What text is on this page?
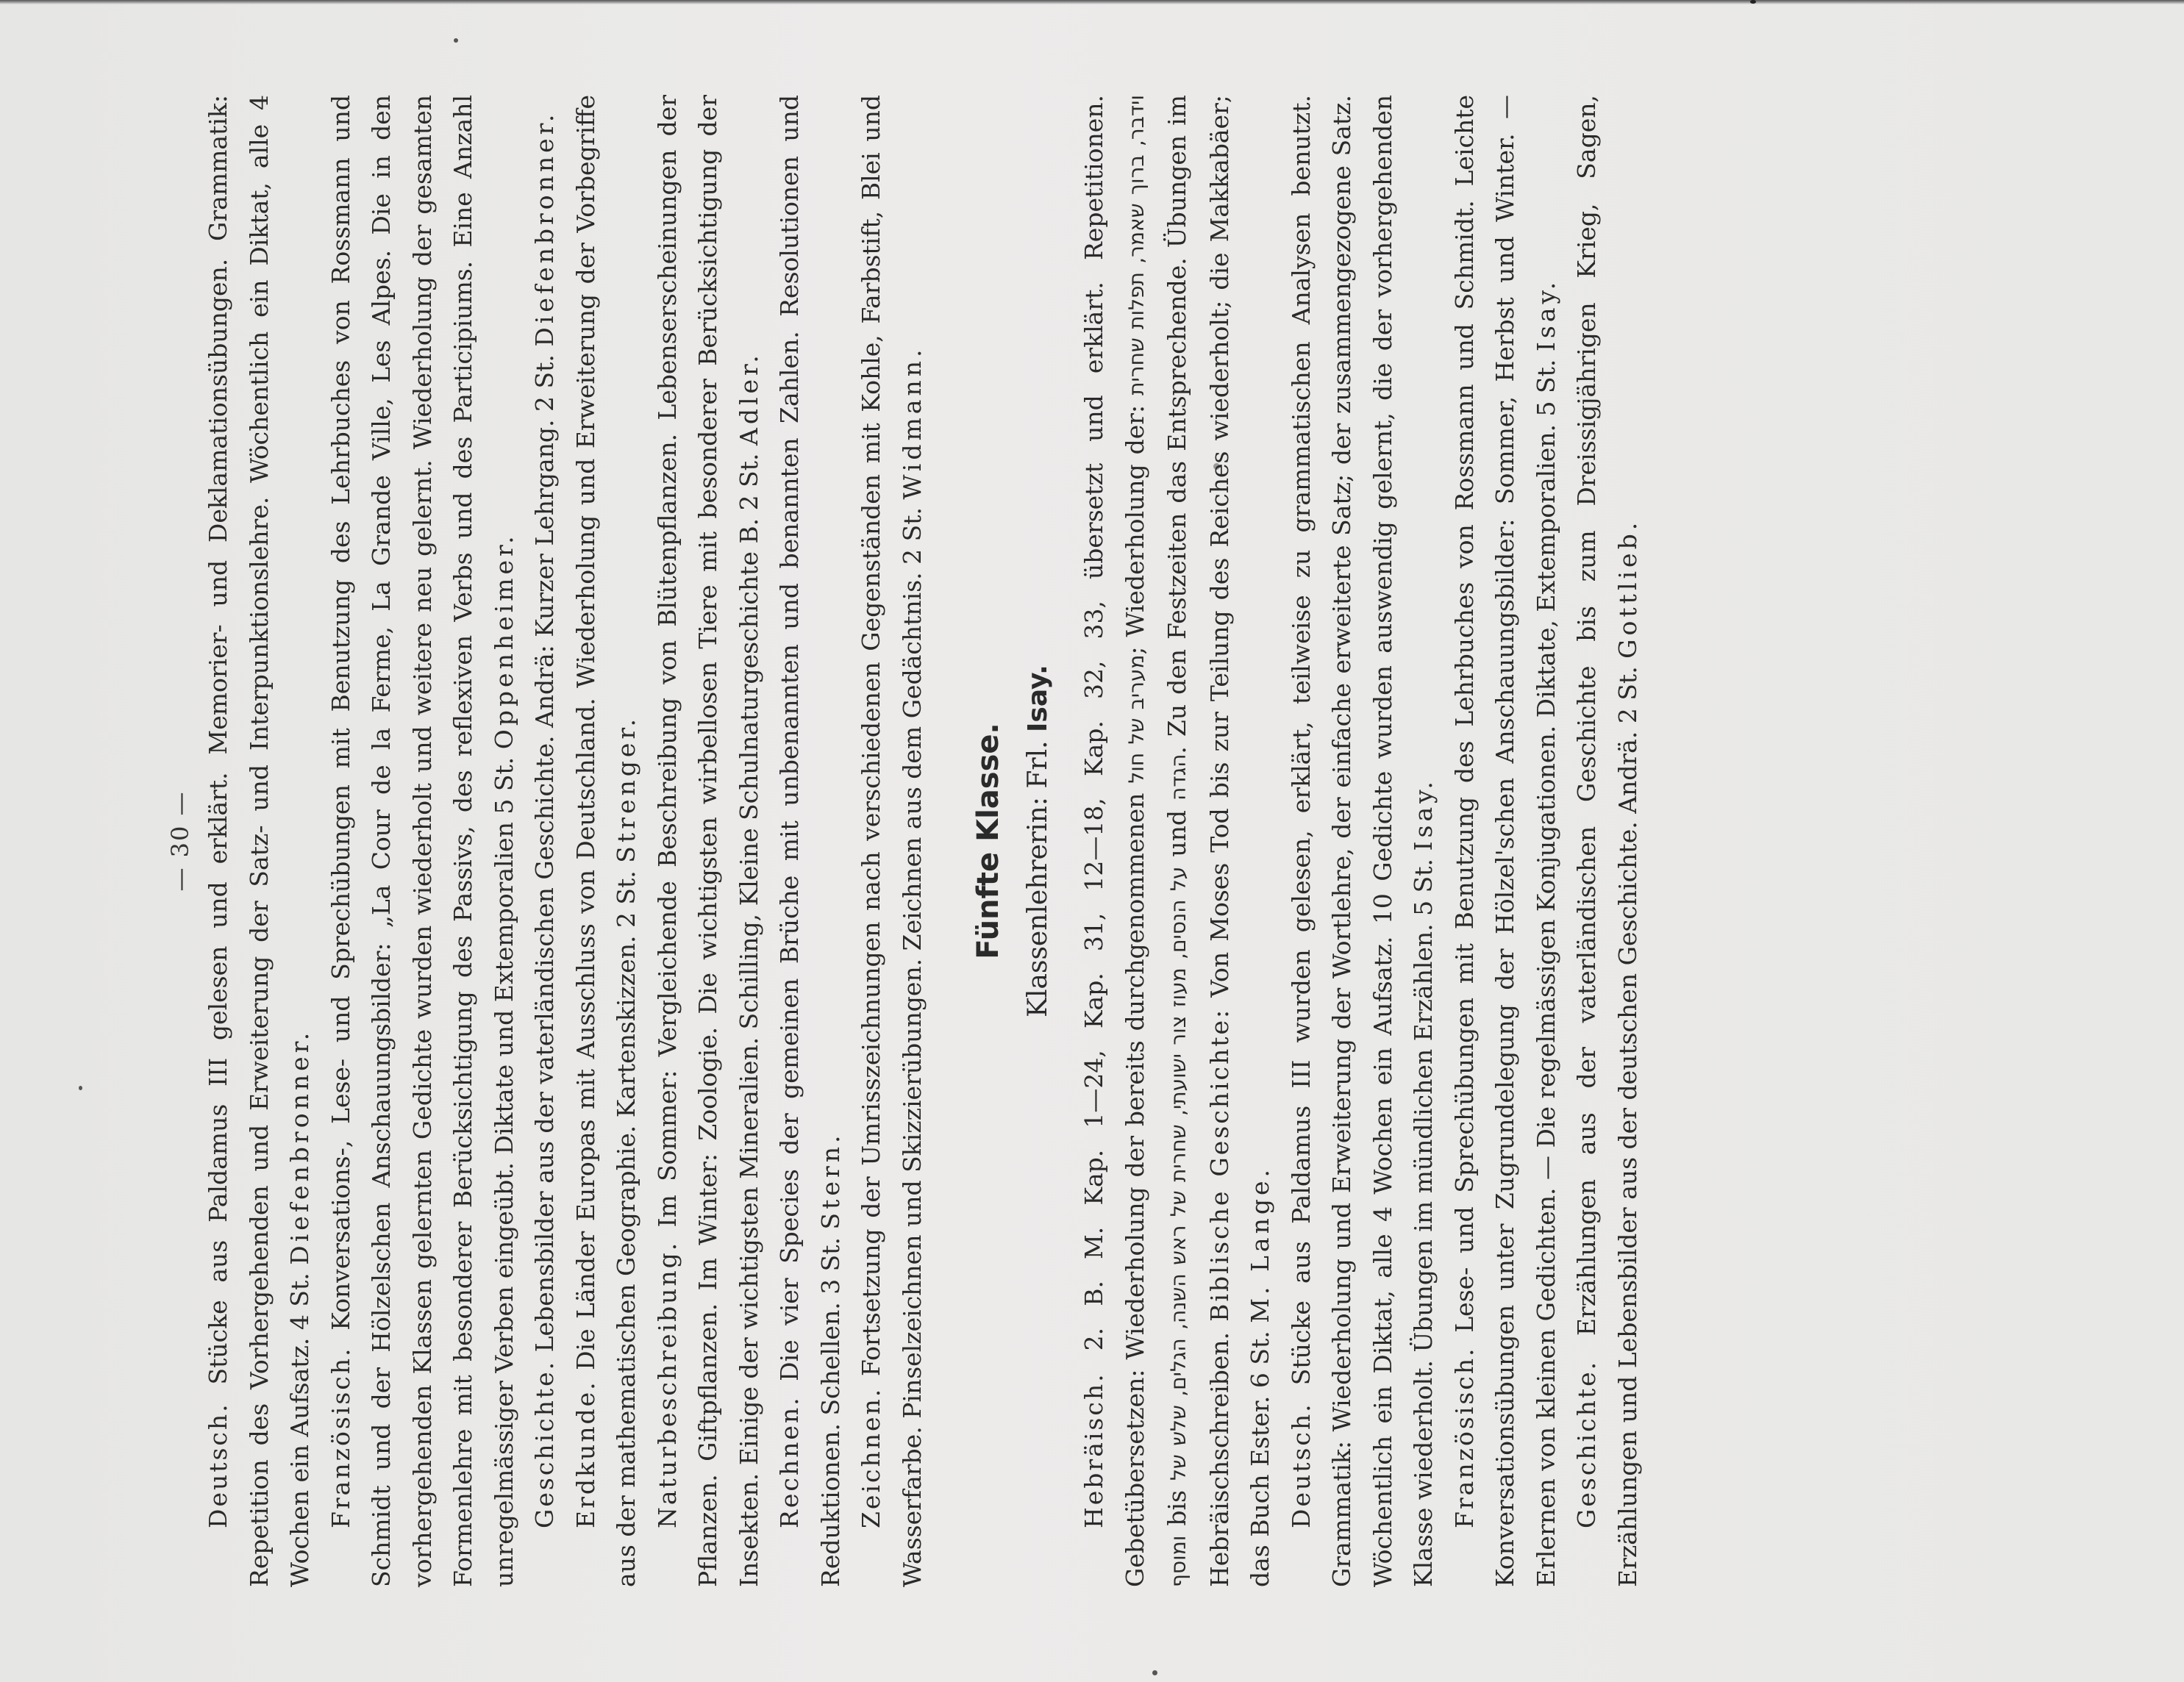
— 30 —

Deutsch. Stücke aus Paldamus III gelesen und erklärt. Memorier- und Deklamationsübungen. Grammatik: Repetition des Vorhergehenden und Erweiterung der Satz- und Interpunktionslehre. Wöchentlich ein Diktat, alle 4 Wochen ein Aufsatz. 4 St. Diefenbronner.

Französisch. Konversations-, Lese- und Sprechübungen mit Benutzung des Lehrbuches von Rossmann und Schmidt und der Hölzelschen Anschauungsbilder: „La Cour de la Ferme, La Grande Ville, Les Alpes. Die in den vorhergehenden Klassen gelernten Gedichte wurden wiederholt und weitere neu gelernt. Wiederholung der gesamten Formenlehre mit besonderer Berücksichtigung des Passivs, des reflexiven Verbs und des Participiums. Eine Anzahl unregelmässiger Verben eingeübt. Diktate und Extemporalien 5 St. Oppenheimer.

Geschichte. Lebensbilder aus der vaterländischen Geschichte. Andrä: Kurzer Lehrgang. 2 St. Diefenbronner.

Erdkunde. Die Länder Europas mit Ausschluss von Deutschland. Wiederholung und Erweiterung der Vorbegriffe aus der mathematischen Geographie. Kartenskizzen. 2 St. Strenger.

Naturbeschreibung. Im Sommer: Vergleichende Beschreibung von Blütenpflanzen. Lebenserscheinungen der Pflanzen. Giftpflanzen. Im Winter: Zoologie. Die wichtigsten wirbellosen Tiere mit besonderer Berücksichtigung der Insekten. Einige der wichtigsten Mineralien. Schilling, Kleine Schulnaturgeschichte B. 2 St. Adler.

Rechnen. Die vier Species der gemeinen Brüche mit unbenannten und benannten Zahlen. Resolutionen und Reduktionen. Schellen. 3 St. Stern.

Zeichnen. Fortsetzung der Umrisszeichnungen nach verschiedenen Gegenständen mit Kohle, Farbstift, Blei und Wasserfarbe. Pinselzeichnen und Skizzierübungen. Zeichnen aus dem Gedächtnis. 2 St. Widmann.

Fünfte Klasse. Klassenlehrerin: Frl. Isay.

Hebräisch. 2. B. M. Kap. 1—24, Kap. 31, 12—18, Kap. 32, 33, übersetzt und erklärt. Repetitionen. Gebetübersetzen: Wiederholung der bereits durchgenommenen מעריב של חול; Wiederholung der: וידבר, ברוך שאמר, תפלות שחרית ומוסף bis על הנסים, מעוז צור ישועתי, שחרית של ראש השנה, הגלים, שלש של und הגדה. Zu den Festzeiten das Entsprechende. Übungen im Hebräischschreiben. Biblische Geschichte: Von Moses Tod bis zur Teilung des Reiches wiederholt; die Makkabäer; das Buch Ester. 6 St. M. Lange.

Deutsch. Stücke aus Paldamus III wurden gelesen, erklärt, teilweise zu grammatischen Analysen benutzt. Grammatik: Wiederholung und Erweiterung der Wortlehre, der einfache erweiterte Satz; der zusammengezogene Satz. Wöchentlich ein Diktat, alle 4 Wochen ein Aufsatz. 10 Gedichte wurden auswendig gelernt, die der vorhergehenden Klasse wiederholt. Übungen im mündlichen Erzählen. 5 St. Isay.

Französisch. Lese- und Sprechübungen mit Benutzung des Lehrbuches von Rossmann und Schmidt. Leichte Konversationsübungen unter Zugrundelegung der Hölzel'schen Anschauungsbilder: Sommer, Herbst und Winter. — Erlernen von kleinen Gedichten. — Die regelmässigen Konjugationen. Diktate, Extemporalien. 5 St. Isay.

Geschichte. Erzählungen aus der vaterländischen Geschichte bis zum Dreissigjährigen Krieg, Sagen, Erzählungen und Lebensbilder aus der deutschen Geschichte. Andrä. 2 St. Gottlieb.
